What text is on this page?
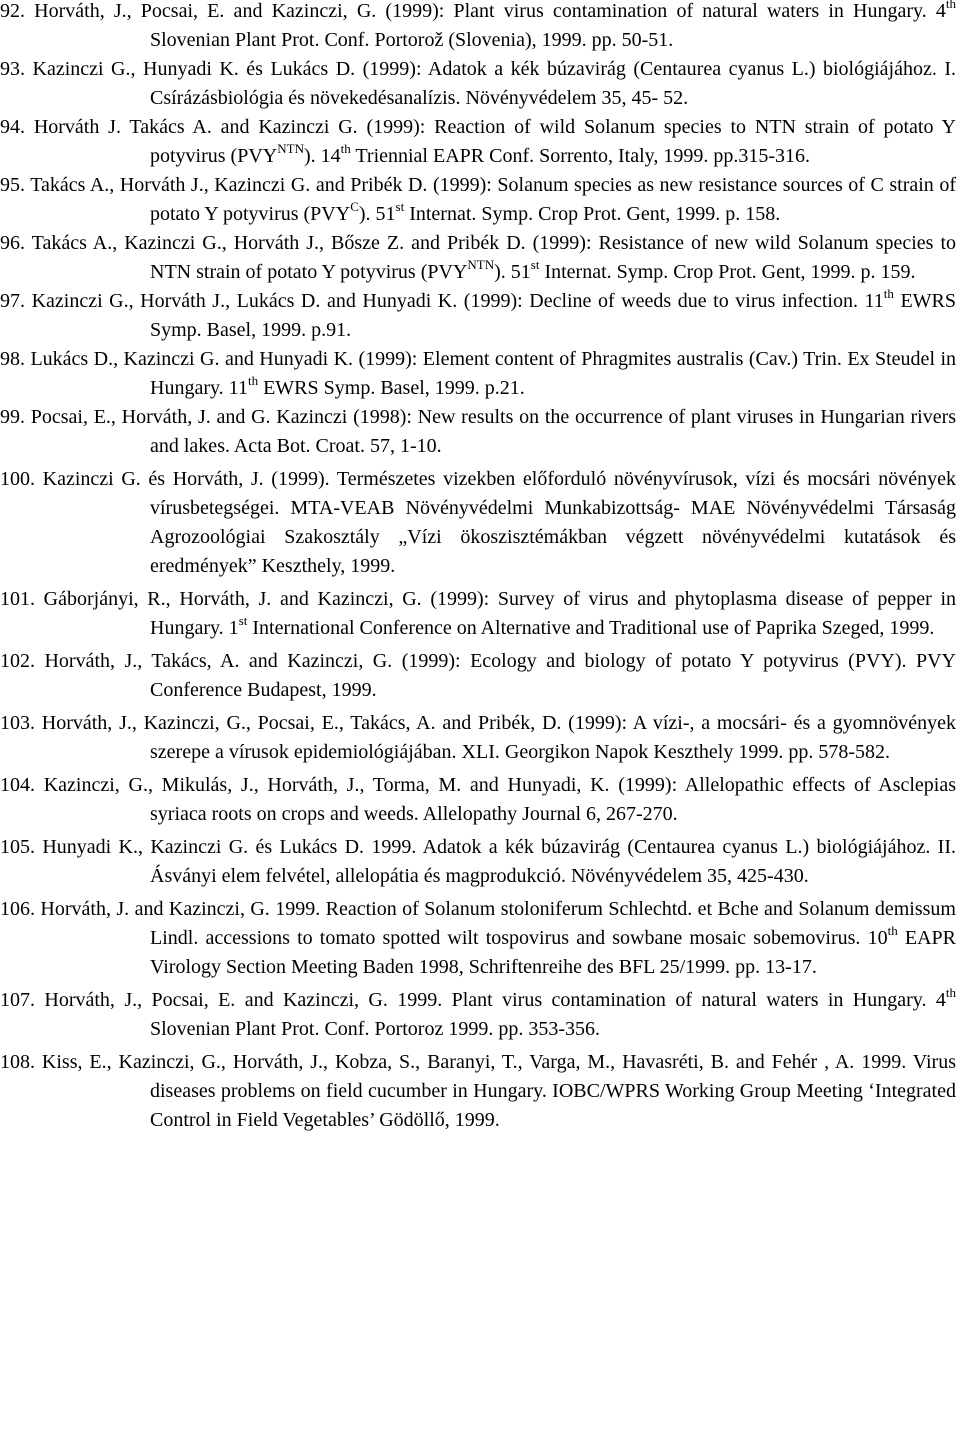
92. Horváth, J., Pocsai, E. and Kazinczi, G. (1999): Plant virus contamination of natural waters in Hungary. 4th Slovenian Plant Prot. Conf. Portorož (Slovenia), 1999. pp. 50-51.
93. Kazinczi G., Hunyadi K. és Lukács D. (1999): Adatok a kék búzavirág (Centaurea cyanus L.) biológiájához. I. Csírázásbiológia és növekedésanalízis. Növényvédelem 35, 45- 52.
94. Horváth J. Takács A. and Kazinczi G. (1999): Reaction of wild Solanum species to NTN strain of potato Y potyvirus $(PVY^{NTN})$. 14th Triennial EAPR Conf. Sorrento, Italy, 1999. pp.315-316.
95. Takács A., Horváth J., Kazinczi G. and Pribék D. (1999): Solanum species as new resistance sources of C strain of potato Y potyvirus $(PVY^C)$. 51st Internat. Symp. Crop Prot. Gent, 1999. p. 158.
96. Takács A., Kazinczi G., Horváth J., Bősze Z. and Pribék D. (1999): Resistance of new wild Solanum species to NTN strain of potato Y potyvirus $(PVY^{NTN})$. 51st Internat. Symp. Crop Prot. Gent, 1999. p. 159.
97. Kazinczi G., Horváth J., Lukács D. and Hunyadi K. (1999): Decline of weeds due to virus infection. 11th EWRS Symp. Basel, 1999. p.91.
98. Lukács D., Kazinczi G. and Hunyadi K. (1999): Element content of Phragmites australis (Cav.) Trin. Ex Steudel in Hungary. 11th EWRS Symp. Basel, 1999. p.21.
99. Pocsai, E., Horváth, J. and G. Kazinczi (1998): New results on the occurrence of plant viruses in Hungarian rivers and lakes. Acta Bot. Croat. 57, 1-10.
100. Kazinczi G. és Horváth, J. (1999). Természetes vizekben előforduló növényvírusok, vízi és mocsári növények vírusbetegségei. MTA-VEAB Növényvédelmi Munkabizottság- MAE Növényvédelmi Társaság Agrozoológiai Szakosztály „Vízi ökoszisztémákban végzett növényvédelmi kutatások és eredmények” Keszthely, 1999.
101. Gáborjányi, R., Horváth, J. and Kazinczi, G. (1999): Survey of virus and phytoplasma disease of pepper in Hungary. 1st International Conference on Alternative and Traditional use of Paprika Szeged, 1999.
102. Horváth, J., Takács, A. and Kazinczi, G. (1999): Ecology and biology of potato Y potyvirus (PVY). PVY Conference Budapest, 1999.
103. Horváth, J., Kazinczi, G., Pocsai, E., Takács, A. and Pribék, D. (1999): A vízi-, a mocsári- és a gyomnövények szerepe a vírusok epidemiológiájában. XLI. Georgikon Napok Keszthely 1999. pp. 578-582.
104. Kazinczi, G., Mikulás, J., Horváth, J., Torma, M. and Hunyadi, K. (1999): Allelopathic effects of Asclepias syriaca roots on crops and weeds. Allelopathy Journal 6, 267-270.
105. Hunyadi K., Kazinczi G. és Lukács D. 1999. Adatok a kék búzavirág (Centaurea cyanus L.) biológiájához. II. Ásványi elem felvétel, allelopátia és magprodukció. Növényvédelem 35, 425-430.
106. Horváth, J. and Kazinczi, G. 1999. Reaction of Solanum stoloniferum Schlechtd. et Bche and Solanum demissum Lindl. accessions to tomato spotted wilt tospovirus and sowbane mosaic sobemovirus. 10th EAPR Virology Section Meeting Baden 1998, Schriftenreihe des BFL 25/1999. pp. 13-17.
107. Horváth, J., Pocsai, E. and Kazinczi, G. 1999. Plant virus contamination of natural waters in Hungary. 4th Slovenian Plant Prot. Conf. Portoroz 1999. pp. 353-356.
108. Kiss, E., Kazinczi, G., Horváth, J., Kobza, S., Baranyi, T., Varga, M., Havasréti, B. and Fehér , A. 1999. Virus diseases problems on field cucumber in Hungary. IOBC/WPRS Working Group Meeting ‘Integrated Control in Field Vegetables’ Gödöllő, 1999.
